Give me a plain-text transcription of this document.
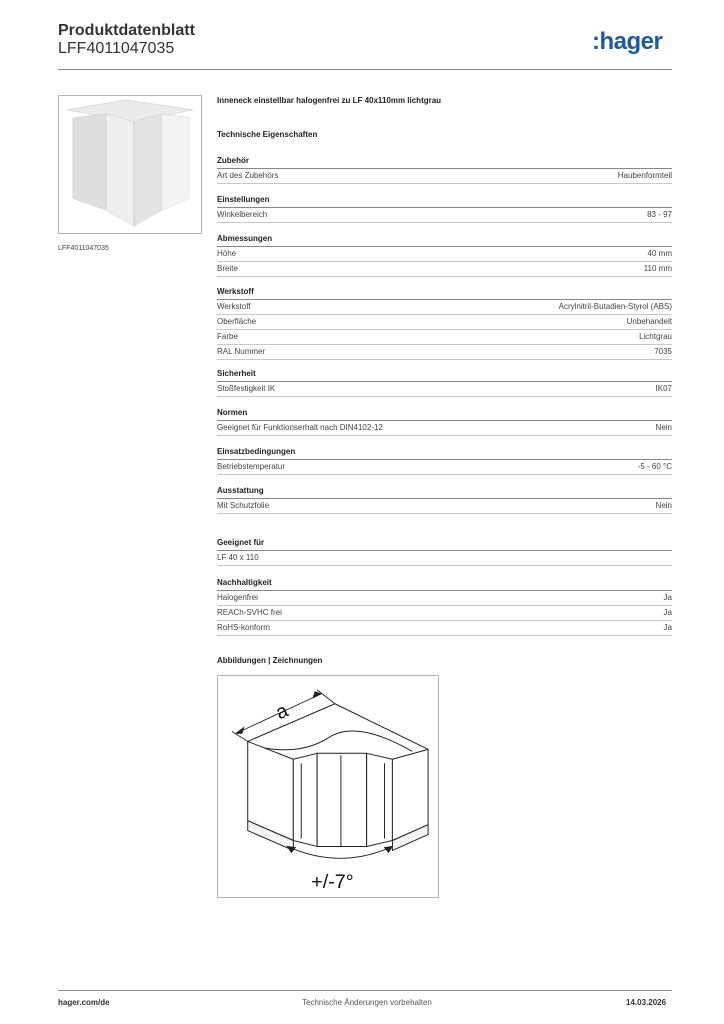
Produktdatenblatt
LFF4011047035	:hager
LFF4011047035
Inneneck einstellbar halogenfrei zu LF 40x110mm lichtgrau
Technische Eigenschaften
Zubehör
Art des Zubehörs	Haubenformteil
Einstellungen
Winkelbereich	83 - 97
Abmessungen
Höhe	40 mm
Breite	110 mm
Werkstoff
Werkstoff	Acrylnitril-Butadien-Styrol (ABS)
Oberfläche	Unbehandelt
Farbe	Lichtgrau
RAL Nummer	7035
Sicherheit
Stoßfestigkeit IK	IK07
Normen
Geeignet für Funktionserhalt nach DIN4102-12	Nein
Einsatzbedingungen
Betriebstemperatur	-5 - 60 °C
Ausstattung
Mit Schutzfolie	Nein
Geeignet für
LF 40 x 110
Nachhaltigkeit
Halogenfrei	Ja
REACh-SVHC frei	Ja
RoHS-konform	Ja
Abbildungen | Zeichnungen
a
+/-7°
hager.com/de	Technische Änderungen vorbehalten	14.03.2026
